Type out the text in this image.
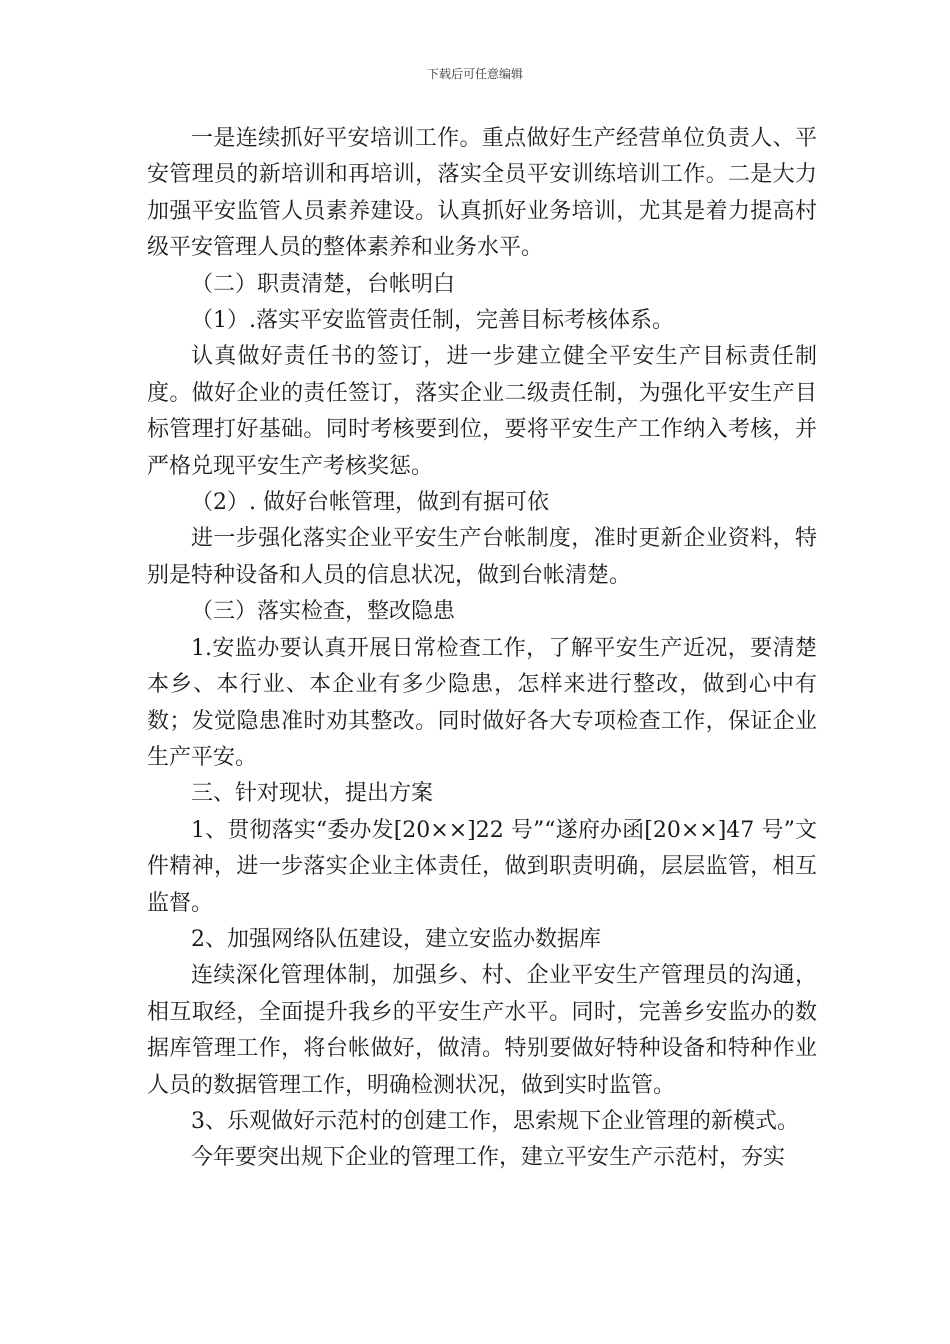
下载后可任意编辑

一是连续抓好平安培训工作。重点做好生产经营单位负责人、平安管理员的新培训和再培训，落实全员平安训练培训工作。二是大力加强平安监管人员素养建设。认真抓好业务培训，尤其是着力提高村级平安管理人员的整体素养和业务水平。

（二）职责清楚，台帐明白

（1）.落实平安监管责任制，完善目标考核体系。

认真做好责任书的签订，进一步建立健全平安生产目标责任制度。做好企业的责任签订，落实企业二级责任制，为强化平安生产目标管理打好基础。同时考核要到位，要将平安生产工作纳入考核，并严格兑现平安生产考核奖惩。

（2）. 做好台帐管理，做到有据可依

进一步强化落实企业平安生产台帐制度，准时更新企业资料，特别是特种设备和人员的信息状况，做到台帐清楚。

（三）落实检查，整改隐患

1.安监办要认真开展日常检查工作，了解平安生产近况，要清楚本乡、本行业、本企业有多少隐患，怎样来进行整改，做到心中有数；发觉隐患准时劝其整改。同时做好各大专项检查工作，保证企业生产平安。

三、针对现状，提出方案

1、贯彻落实“委办发[20××]22 号”“遂府办函[20××]47 号”文件精神，进一步落实企业主体责任，做到职责明确，层层监管，相互监督。

2、加强网络队伍建设，建立安监办数据库

连续深化管理体制，加强乡、村、企业平安生产管理员的沟通，相互取经，全面提升我乡的平安生产水平。同时，完善乡安监办的数据库管理工作，将台帐做好，做清。特别要做好特种设备和特种作业人员的数据管理工作，明确检测状况，做到实时监管。

3、乐观做好示范村的创建工作，思索规下企业管理的新模式。

今年要突出规下企业的管理工作，建立平安生产示范村，夯实
